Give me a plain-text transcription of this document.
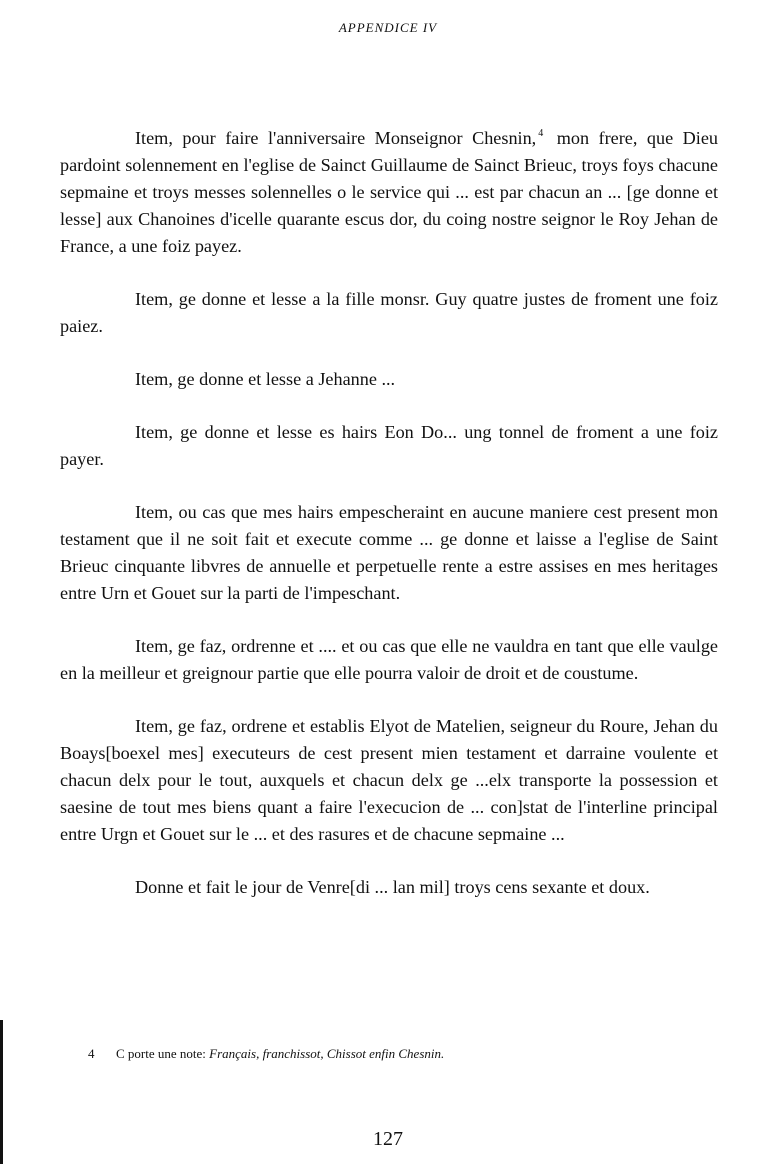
APPENDICE IV

Item, pour faire l'anniversaire Monseignor Chesnin, $^4$ mon frere, que Dieu pardoint solennement en l'eglise de Sainct Guillaume de Sainct Brieuc, troys foys chacune sepmaine et troys messes solennelles o le service qui ... est par chacun an ... [ge donne et lesse] aux Chanoines d'icelle quarante escus dor, du coing nostre seignor le Roy Jehan de France, a une foiz payez.

Item, ge donne et lesse a la fille monsr. Guy quatre justes de froment une foiz paiez.

Item, ge donne et lesse a Jehanne ...

Item, ge donne et lesse es hairs Eon Do... ung tonnel de froment a une foiz payer.

Item, ou cas que mes hairs empescheraint en aucune maniere cest present mon testament que il ne soit fait et execute comme ... ge donne et laisse a l'eglise de Saint Brieuc cinquante libvres de annuelle et perpetuelle rente a estre assises en mes heritages entre Urn et Gouet sur la parti de l'impeschant.

Item, ge faz, ordrenne et .... et ou cas que elle ne vauldra en tant que elle vaulge en la meilleur et greignour partie que elle pourra valoir de droit et de coustume.

Item, ge faz, ordrene et establis Elyot de Matelien, seigneur du Roure, Jehan du Boays[boexel mes] executeurs de cest present mien testament et darraine voulente et chacun delx pour le tout, auxquels et chacun delx ge ...elx transporte la possession et saesine de tout mes biens quant a faire l'execucion de ... con]stat de l'interline principal entre Urgn et Gouet sur le ... et des rasures et de chacune sepmaine ...

Donne et fait le jour de Venre[di ... lan mil] troys cens sexante et doux.

4 C porte une note: Français, franchissot, Chissot enfin Chesnin.
127
